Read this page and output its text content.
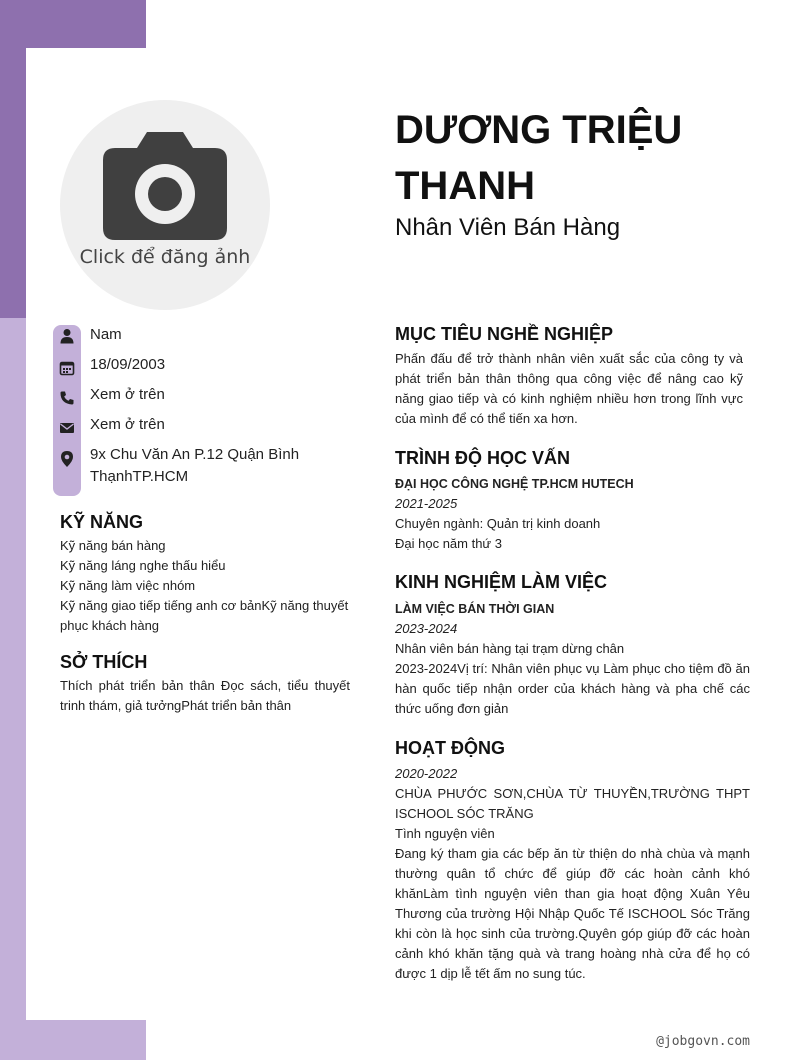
Click để đăng ảnh
DƯƠNG TRIỆU THANH
Nhân Viên Bán Hàng
Nam
18/09/2003
Xem ở trên
Xem ở trên
9x Chu Văn An P.12 Quận Bình ThạnhTP.HCM
KỸ NĂNG
Kỹ năng bán hàng
Kỹ năng láng nghe thấu hiểu
Kỹ năng làm việc nhóm
Kỹ năng giao tiếp tiếng anh cơ bảnKỹ năng thuyết phục khách hàng
SỞ THÍCH
Thích phát triển bản thân Đọc sách, tiểu thuyết trinh thám, giả tưởngPhát triển bản thân
MỤC TIÊU NGHỀ NGHIỆP
Phấn đấu để trở thành nhân viên xuất sắc của công ty và phát triển bản thân thông qua công việc để nâng cao kỹ năng giao tiếp và có kinh nghiệm nhiều hơn trong lĩnh vực của mình để có thể tiến xa hơn.
TRÌNH ĐỘ HỌC VẤN
ĐẠI HỌC CÔNG NGHỆ TP.HCM HUTECH
2021-2025
Chuyên ngành: Quản trị kinh doanh
Đại học năm thứ 3
KINH NGHIỆM LÀM VIỆC
LÀM VIỆC BÁN THỜI GIAN
2023-2024
Nhân viên bán hàng tại trạm dừng chân
2023-2024Vị trí: Nhân viên phục vụ Làm phục cho tiệm đồ ăn hàn quốc tiếp nhận order của khách hàng và pha chế các thức uống đơn giản
HOẠT ĐỘNG
2020-2022
CHÙA PHƯỚC SƠN,CHÙA TỪ THUYỀN,TRƯỜNG THPT ISCHOOL SÓC TRĂNG
Tình nguyện viên
Đang ký tham gia các bếp ăn từ thiện do nhà chùa và mạnh thường quân tổ chức để giúp đỡ các hoàn cảnh khó khănLàm tình nguyện viên than gia hoạt động Xuân Yêu Thương của trường Hội Nhập Quốc Tế ISCHOOL Sóc Trăng khi còn là học sinh của trường.Quyên góp giúp đỡ các hoàn cảnh khó khăn tặng quà và trang hoàng nhà cửa để họ có được 1 dịp lễ tết ấm no sung túc.
@jobgovn.com
